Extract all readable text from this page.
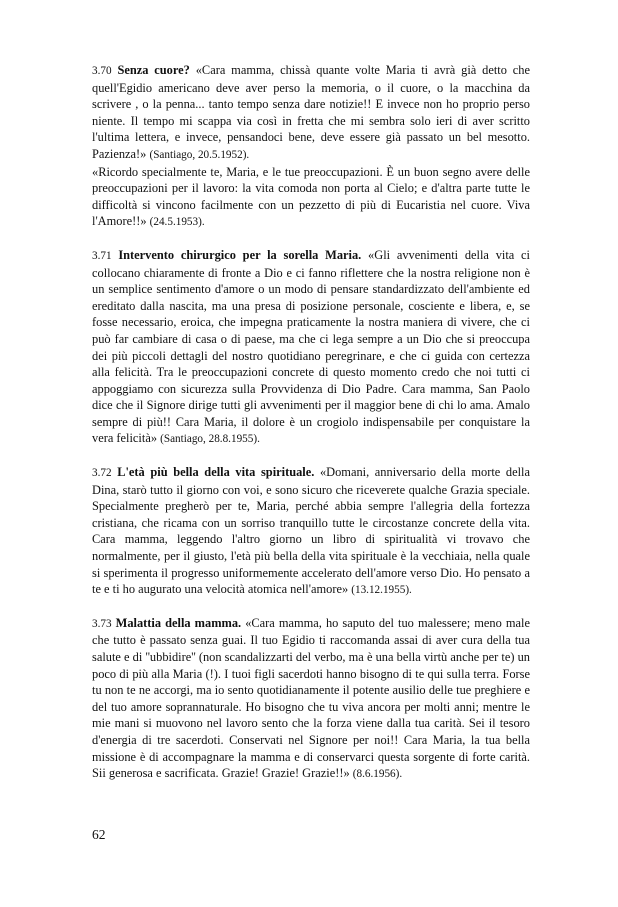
3.70 Senza cuore? «Cara mamma, chissà quante volte Maria ti avrà già detto che quell'Egidio americano deve aver perso la memoria, o il cuore, o la macchina da scrivere , o la penna... tanto tempo senza dare notizie!! E invece non ho proprio perso niente. Il tempo mi scappa via così in fretta che mi sembra solo ieri di aver scritto l'ultima lettera, e invece, pensandoci bene, deve essere già passato un bel mesotto. Pazienza!» (Santiago, 20.5.1952).

«Ricordo specialmente te, Maria, e le tue preoccupazioni. È un buon segno avere delle preoccupazioni per il lavoro: la vita comoda non porta al Cielo; e d'altra parte tutte le difficoltà si vincono facilmente con un pezzetto di più di Eucaristia nel cuore. Viva l'Amore!!» (24.5.1953).

3.71 Intervento chirurgico per la sorella Maria. «Gli avvenimenti della vita ci collocano chiaramente di fronte a Dio e ci fanno riflettere che la nostra religione non è un semplice sentimento d'amore o un modo di pensare standardizzato dell'ambiente ed ereditato dalla nascita, ma una presa di posizione personale, cosciente e libera, e, se fosse necessario, eroica, che impegna praticamente la nostra maniera di vivere, che ci può far cambiare di casa o di paese, ma che ci lega sempre a un Dio che si preoccupa dei più piccoli dettagli del nostro quotidiano peregrinare, e che ci guida con certezza alla felicità. Tra le preoccupazioni concrete di questo momento credo che noi tutti ci appoggiamo con sicurezza sulla Provvidenza di Dio Padre. Cara mamma, San Paolo dice che il Signore dirige tutti gli avvenimenti per il maggior bene di chi lo ama. Amalo sempre di più!! Cara Maria, il dolore è un crogiolo indispensabile per conquistare la vera felicità» (Santiago, 28.8.1955).

3.72 L'età più bella della vita spirituale. «Domani, anniversario della morte della Dina, starò tutto il giorno con voi, e sono sicuro che riceverete qualche Grazia speciale. Specialmente pregherò per te, Maria, perché abbia sempre l'allegria della fortezza cristiana, che ricama con un sorriso tranquillo tutte le circostanze concrete della vita. Cara mamma, leggendo l'altro giorno un libro di spiritualità vi trovavo che normalmente, per il giusto, l'età più bella della vita spirituale è la vecchiaia, nella quale si sperimenta il progresso uniformemente accelerato dell'amore verso Dio. Ho pensato a te e ti ho augurato una velocità atomica nell'amore» (13.12.1955).

3.73 Malattia della mamma. «Cara mamma, ho saputo del tuo malessere; meno male che tutto è passato senza guai. Il tuo Egidio ti raccomanda assai di aver cura della tua salute e di ''ubbidire'' (non scandalizzarti del verbo, ma è una bella virtù anche per te) un poco di più alla Maria (!). I tuoi figli sacerdoti hanno bisogno di te qui sulla terra. Forse tu non te ne accorgi, ma io sento quotidianamente il potente ausilio delle tue preghiere e del tuo amore soprannaturale. Ho bisogno che tu viva ancora per molti anni; mentre le mie mani si muovono nel lavoro sento che la forza viene dalla tua carità. Sei il tesoro d'energia di tre sacerdoti. Conservati nel Signore per noi!! Cara Maria, la tua bella missione è di accompagnare la mamma e di conservarci questa sorgente di forte carità. Sii generosa e sacrificata. Grazie! Grazie! Grazie!!» (8.6.1956).

62
